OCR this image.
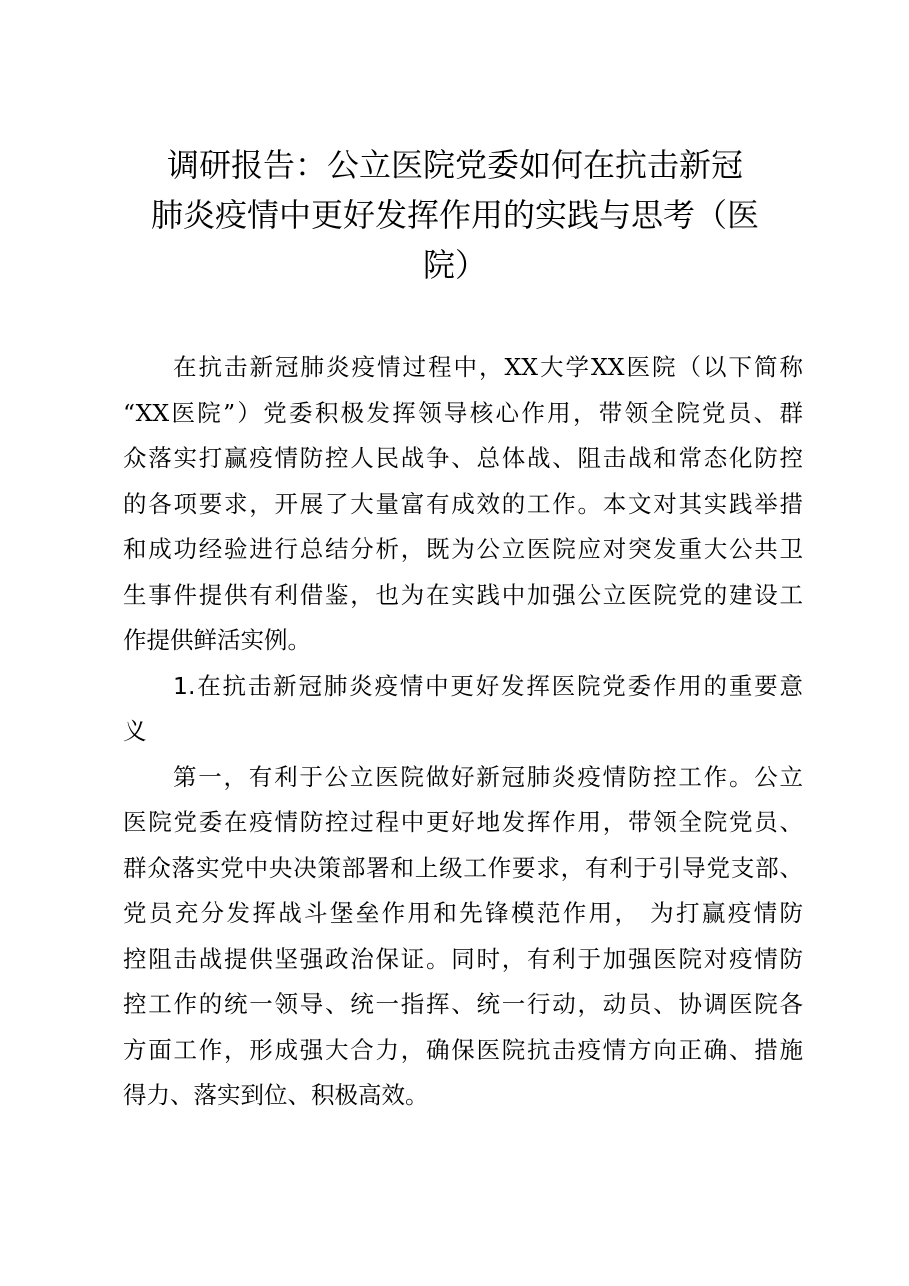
调研报告：公立医院党委如何在抗击新冠
肺炎疫情中更好发挥作用的实践与思考（医
院）
在抗击新冠肺炎疫情过程中，XX大学XX医院（以下简称
“XX医院”）党委积极发挥领导核心作用，带领全院党员、群
众落实打赢疫情防控人民战争、总体战、阻击战和常态化防控
的各项要求，开展了大量富有成效的工作。本文对其实践举措
和成功经验进行总结分析，既为公立医院应对突发重大公共卫
生事件提供有利借鉴，也为在实践中加强公立医院党的建设工
作提供鲜活实例。
1.在抗击新冠肺炎疫情中更好发挥医院党委作用的重要意
义
第一，有利于公立医院做好新冠肺炎疫情防控工作。公立
医院党委在疫情防控过程中更好地发挥作用，带领全院党员、
群众落实党中央决策部署和上级工作要求，有利于引导党支部、
党员充分发挥战斗堡垒作用和先锋模范作用， 为打赢疫情防
控阻击战提供坚强政治保证。同时，有利于加强医院对疫情防
控工作的统一领导、统一指挥、统一行动，动员、协调医院各
方面工作，形成强大合力，确保医院抗击疫情方向正确、措施
得力、落实到位、积极高效。
